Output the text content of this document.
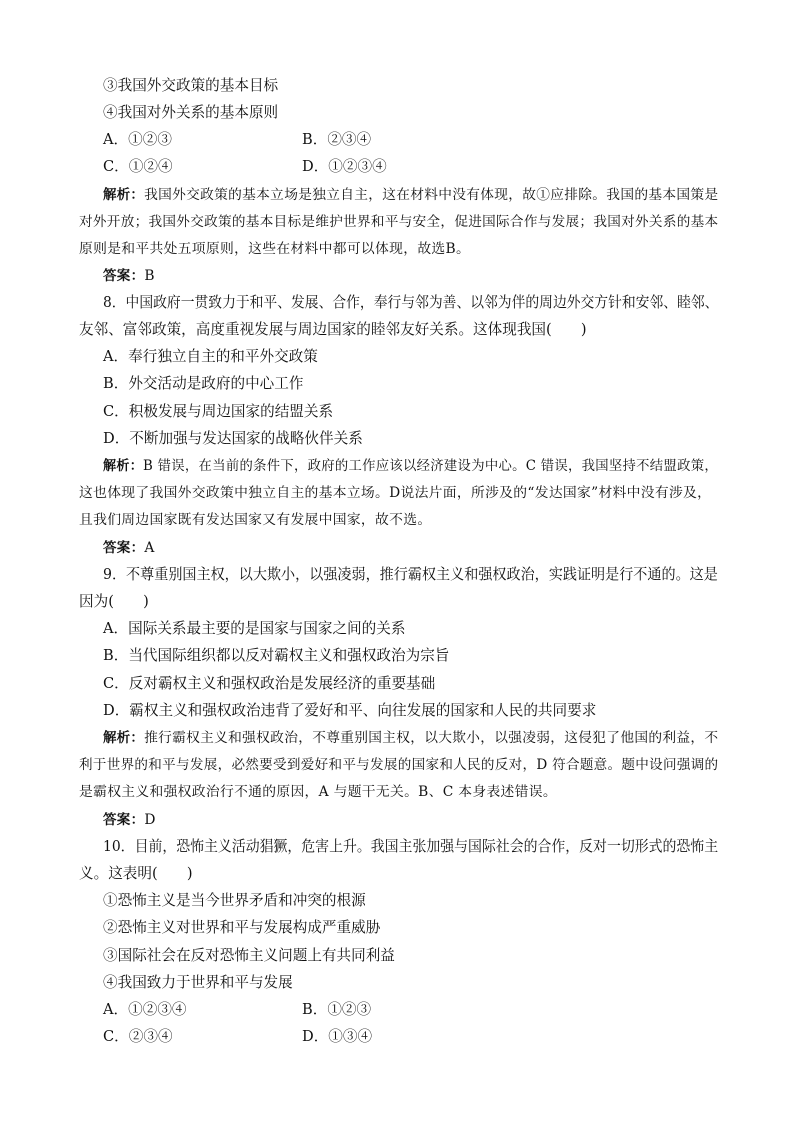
③我国外交政策的基本目标
④我国对外关系的基本原则
A．①②③	B．②③④
C．①②④	D．①②③④
解析：我国外交政策的基本立场是独立自主，这在材料中没有体现，故①应排除。我国的基本国策是
对外开放；我国外交政策的基本目标是维护世界和平与安全，促进国际合作与发展；我国对外关系的基本
原则是和平共处五项原则，这些在材料中都可以体现，故选B。
答案：B
8．中国政府一贯致力于和平、发展、合作，奉行与邻为善、以邻为伴的周边外交方针和安邻、睦邻、
友邻、富邻政策，高度重视发展与周边国家的睦邻友好关系。这体现我国(　　)
A．奉行独立自主的和平外交政策
B．外交活动是政府的中心工作
C．积极发展与周边国家的结盟关系
D．不断加强与发达国家的战略伙伴关系
解析：B 错误，在当前的条件下，政府的工作应该以经济建设为中心。C 错误，我国坚持不结盟政策，
这也体现了我国外交政策中独立自主的基本立场。D说法片面，所涉及的“发达国家”材料中没有涉及，
且我们周边国家既有发达国家又有发展中国家，故不选。
答案：A
9．不尊重别国主权，以大欺小，以强凌弱，推行霸权主义和强权政治，实践证明是行不通的。这是
因为(　　)
A．国际关系最主要的是国家与国家之间的关系
B．当代国际组织都以反对霸权主义和强权政治为宗旨
C．反对霸权主义和强权政治是发展经济的重要基础
D．霸权主义和强权政治违背了爱好和平、向往发展的国家和人民的共同要求
解析：推行霸权主义和强权政治，不尊重别国主权，以大欺小，以强凌弱，这侵犯了他国的利益，不
利于世界的和平与发展，必然要受到爱好和平与发展的国家和人民的反对，D 符合题意。题中设问强调的
是霸权主义和强权政治行不通的原因，A 与题干无关。B、C 本身表述错误。
答案：D
10．目前，恐怖主义活动猖獗，危害上升。我国主张加强与国际社会的合作，反对一切形式的恐怖主
义。这表明(　　)
①恐怖主义是当今世界矛盾和冲突的根源
②恐怖主义对世界和平与发展构成严重威胁
③国际社会在反对恐怖主义问题上有共同利益
④我国致力于世界和平与发展
A．①②③④	B．①②③
C．②③④	D．①③④
